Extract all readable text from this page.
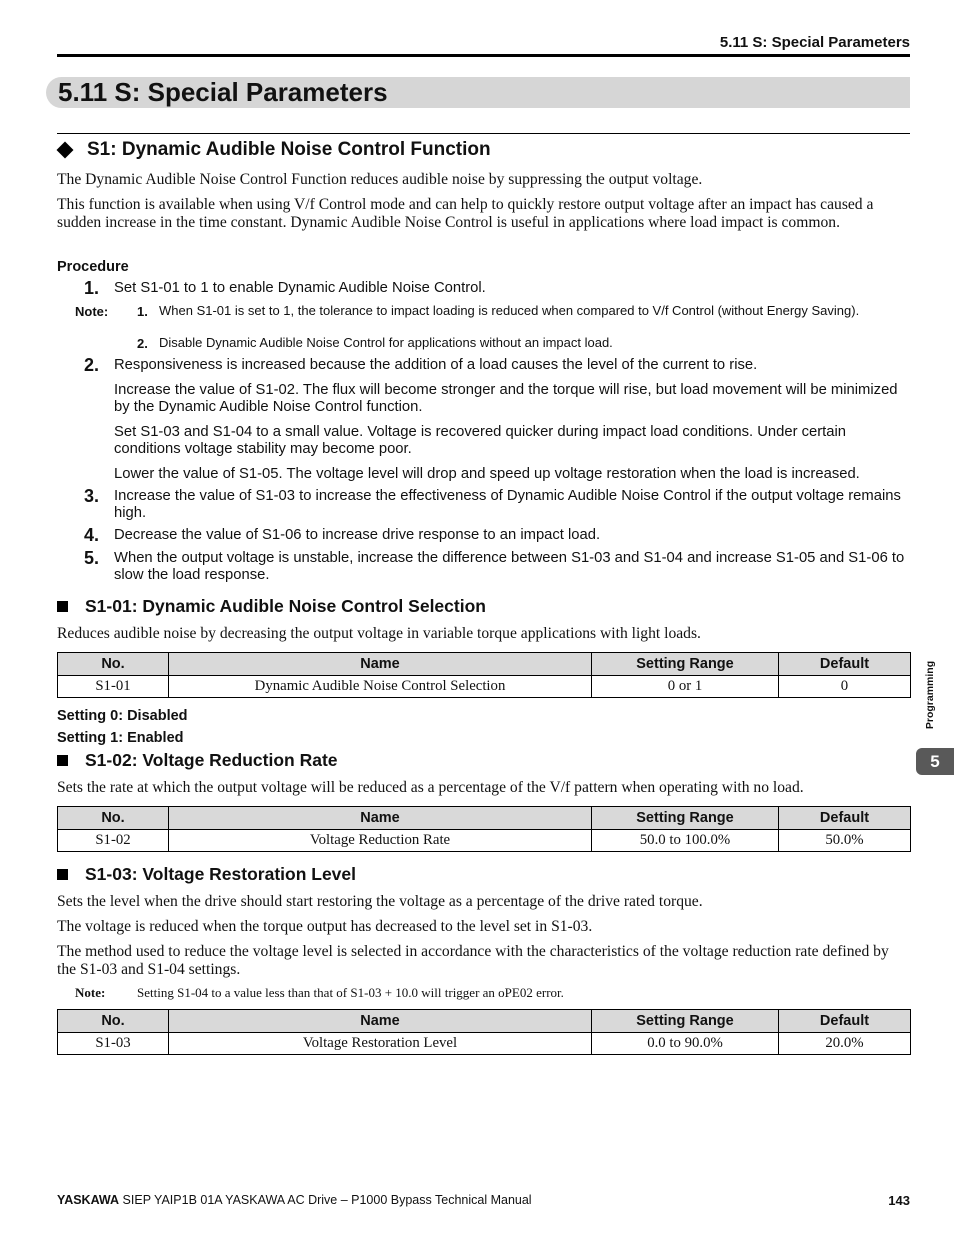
5.11 S: Special Parameters
5.11 S: Special Parameters
S1: Dynamic Audible Noise Control Function
The Dynamic Audible Noise Control Function reduces audible noise by suppressing the output voltage.
This function is available when using V/f Control mode and can help to quickly restore output voltage after an impact has caused a sudden increase in the time constant. Dynamic Audible Noise Control is useful in applications where load impact is common.
Procedure
1. Set S1-01 to 1 to enable Dynamic Audible Noise Control.
Note: 1. When S1-01 is set to 1, the tolerance to impact loading is reduced when compared to V/f Control (without Energy Saving).
2. Disable Dynamic Audible Noise Control for applications without an impact load.
2. Responsiveness is increased because the addition of a load causes the level of the current to rise.
Increase the value of S1-02. The flux will become stronger and the torque will rise, but load movement will be minimized by the Dynamic Audible Noise Control function.
Set S1-03 and S1-04 to a small value. Voltage is recovered quicker during impact load conditions. Under certain conditions voltage stability may become poor.
Lower the value of S1-05. The voltage level will drop and speed up voltage restoration when the load is increased.
3. Increase the value of S1-03 to increase the effectiveness of Dynamic Audible Noise Control if the output voltage remains high.
4. Decrease the value of S1-06 to increase drive response to an impact load.
5. When the output voltage is unstable, increase the difference between S1-03 and S1-04 and increase S1-05 and S1-06 to slow the load response.
S1-01: Dynamic Audible Noise Control Selection
Reduces audible noise by decreasing the output voltage in variable torque applications with light loads.
No.	Name	Setting Range	Default
S1-01	Dynamic Audible Noise Control Selection	0 or 1	0
Setting 0: Disabled
Setting 1: Enabled
S1-02: Voltage Reduction Rate
Sets the rate at which the output voltage will be reduced as a percentage of the V/f pattern when operating with no load.
No.	Name	Setting Range	Default
S1-02	Voltage Reduction Rate	50.0 to 100.0%	50.0%
S1-03: Voltage Restoration Level
Sets the level when the drive should start restoring the voltage as a percentage of the drive rated torque.
The voltage is reduced when the torque output has decreased to the level set in S1-03.
The method used to reduce the voltage level is selected in accordance with the characteristics of the voltage reduction rate defined by the S1-03 and S1-04 settings.
Note: Setting S1-04 to a value less than that of S1-03 + 10.0 will trigger an oPE02 error.
No.	Name	Setting Range	Default
S1-03	Voltage Restoration Level	0.0 to 90.0%	20.0%
Programming
5
YASKAWA SIEP YAIP1B 01A YASKAWA AC Drive – P1000 Bypass Technical Manual	143
